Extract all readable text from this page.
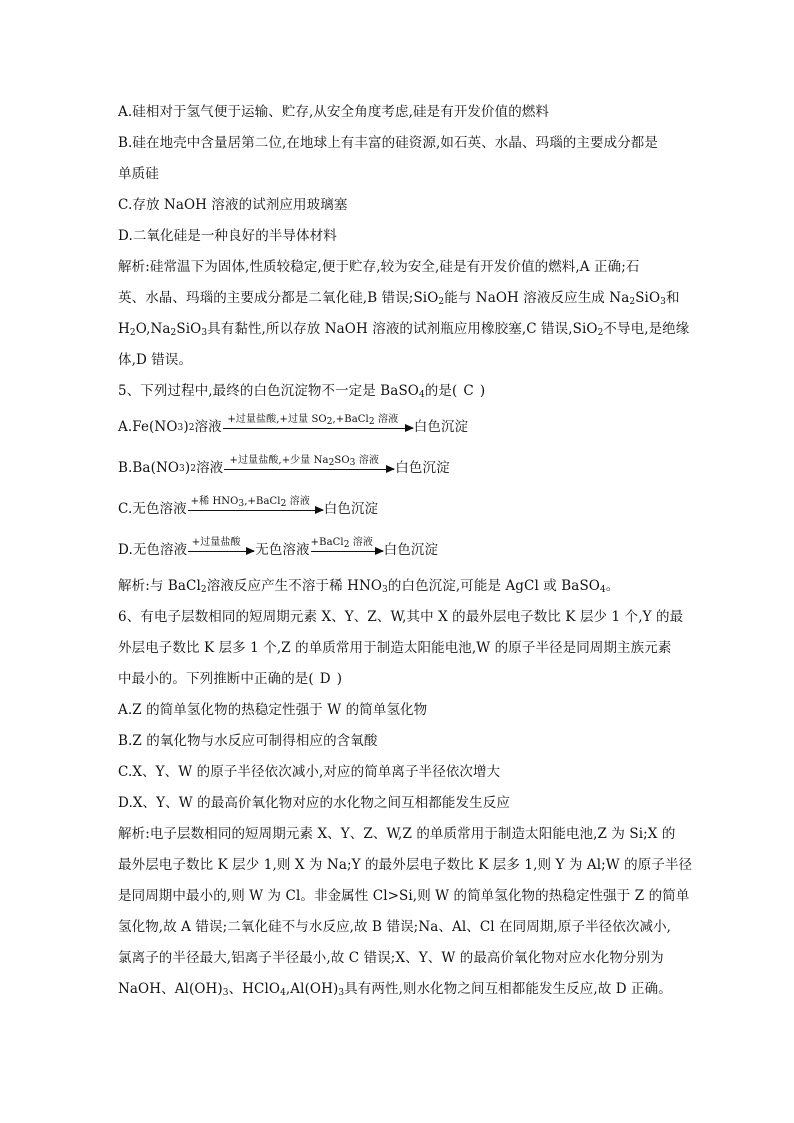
A.硅相对于氢气便于运输、贮存,从安全角度考虑,硅是有开发价值的燃料
B.硅在地壳中含量居第二位,在地球上有丰富的硅资源,如石英、水晶、玛瑙的主要成分都是
单质硅
C.存放 NaOH 溶液的试剂应用玻璃塞
D.二氧化硅是一种良好的半导体材料
解析:硅常温下为固体,性质较稳定,便于贮存,较为安全,硅是有开发价值的燃料,A 正确;石
英、水晶、玛瑙的主要成分都是二氧化硅,B 错误;SiO$_2$能与 NaOH 溶液反应生成 $Na_2SiO_3$和
$H_2O,Na_2SiO_3$具有黏性,所以存放 NaOH 溶液的试剂瓶应用橡胶塞,C 错误,SiO$_2$不导电,是绝缘
体,D 错误。
5、下列过程中,最终的白色沉淀物不一定是 BaSO$_4$的是( C )
A.Fe(NO 3 ) 2 溶液 +过量盐酸,+过量 $SO_2,+BaCl_2$ 溶液	白色沉淀
B.Ba(NO 3 ) 2 溶液 +过量盐酸,+少量 $Na_2SO_3$ 溶液	白色沉淀
C.无色溶液 +稀 $HNO_3,+BaCl_2$ 溶液 白色沉淀
D.无色溶液 +过量盐酸 无色溶液 +BaCl$_2$ 溶液 白色沉淀
解析:与 BaCl$_2$溶液反应产生不溶于稀 $HNO_3$的白色沉淀,可能是 AgCl 或 BaSO$_4$。
6、有电子层数相同的短周期元素 X、Y、Z、W,其中 X 的最外层电子数比 K 层少 1 个,Y 的最
外层电子数比 K 层多 1 个,Z 的单质常用于制造太阳能电池,W 的原子半径是同周期主族元素
中最小的。下列推断中正确的是( D )
A.Z 的简单氢化物的热稳定性强于 W 的简单氢化物
B.Z 的氧化物与水反应可制得相应的含氧酸
C.X、Y、W 的原子半径依次减小,对应的简单离子半径依次增大
D.X、Y、W 的最高价氧化物对应的水化物之间互相都能发生反应
解析:电子层数相同的短周期元素 X、Y、Z、W,Z 的单质常用于制造太阳能电池,Z 为 Si;X 的
最外层电子数比 K 层少 1,则 X 为 Na;Y 的最外层电子数比 K 层多 1,则 Y 为 Al;W 的原子半径
是同周期中最小的,则 W 为 Cl。非金属性 Cl>Si,则 W 的简单氢化物的热稳定性强于 Z 的简单
氢化物,故 A 错误;二氧化硅不与水反应,故 B 错误;Na、Al、Cl 在同周期,原子半径依次减小,
氯离子的半径最大,铝离子半径最小,故 C 错误;X、Y、W 的最高价氧化物对应水化物分别为
NaOH、$Al(OH)_3$、$HClO_4,Al(OH)_3$具有两性,则水化物之间互相都能发生反应,故 D 正确。
